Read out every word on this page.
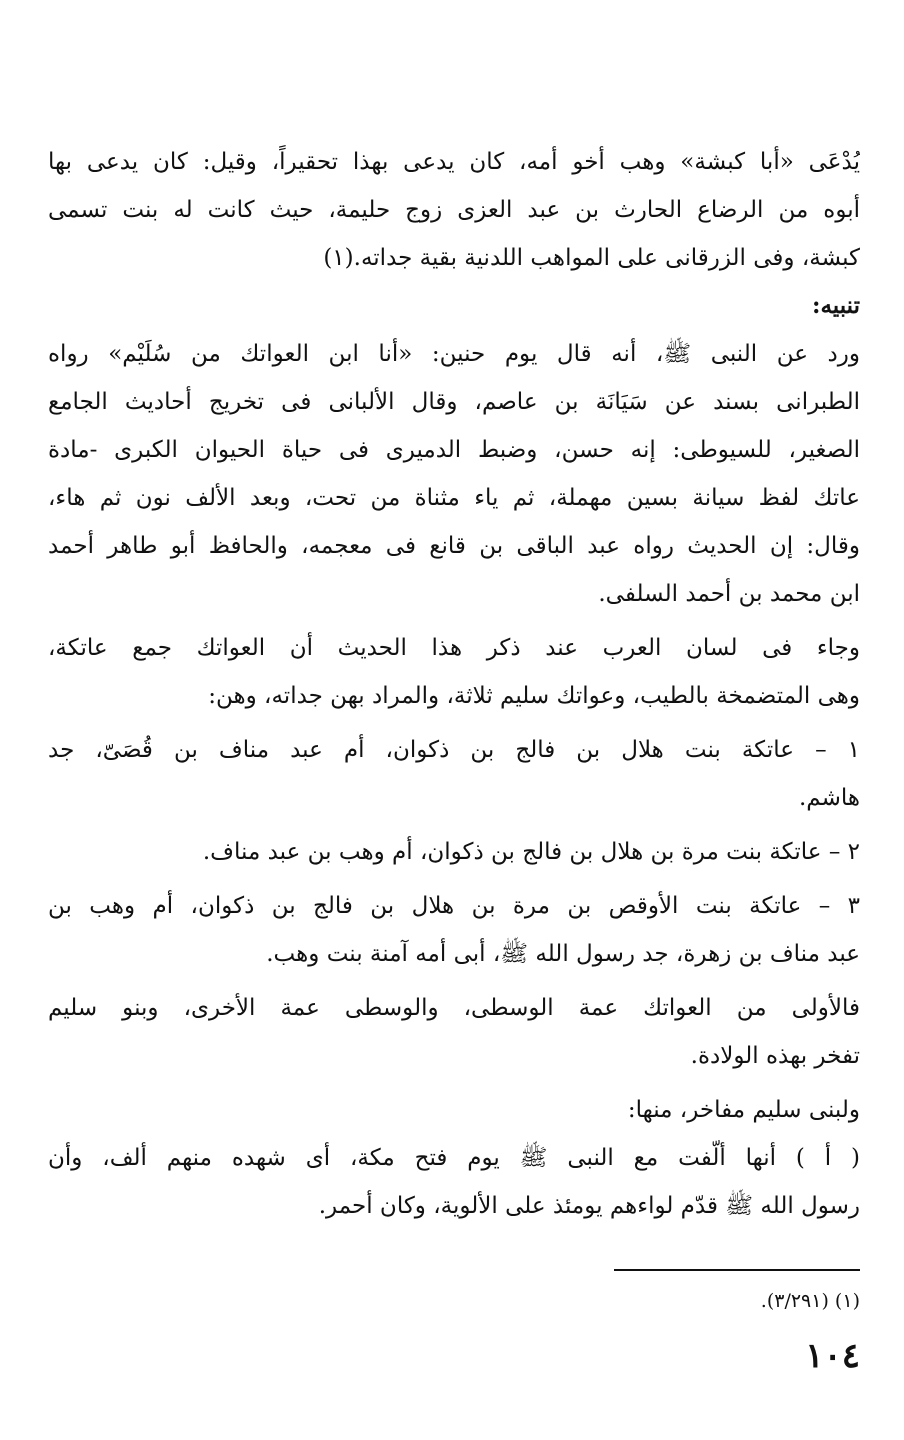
يُدْعَى «أبا كبشة» وهب أخو أمه، كان يدعى بهذا تحقيراً، وقيل: كان يدعى بها
أبوه من الرضاع الحارث بن عبد العزى زوج حليمة، حيث كانت له بنت تسمى
كبشة، وفى الزرقانى على المواهب اللدنية بقية جداته.(١)
تنبيه:
ورد عن النبى ﷺ، أنه قال يوم حنين: «أنا ابن العواتك من سُلَيْم» رواه
الطبرانى بسند عن سَيَانَة بن عاصم، وقال الألبانى فى تخريج أحاديث الجامع
الصغير، للسيوطى: إنه حسن، وضبط الدميرى فى حياة الحيوان الكبرى -مادة
عاتك لفظ سيانة بسين مهملة، ثم ياء مثناة من تحت، وبعد الألف نون ثم هاء،
وقال: إن الحديث رواه عبد الباقى بن قانع فى معجمه، والحافظ أبو طاهر أحمد
ابن محمد بن أحمد السلفى.
وجاء فى لسان العرب عند ذكر هذا الحديث أن العواتك جمع عاتكة،
وهى المتضمخة بالطيب، وعواتك سليم ثلاثة، والمراد بهن جداته، وهن:
١ – عاتكة بنت هلال بن فالج بن ذكوان، أم عبد مناف بن قُصَىّ، جد
هاشم.
٢ – عاتكة بنت مرة بن هلال بن فالج بن ذكوان، أم وهب بن عبد مناف.
٣ – عاتكة بنت الأوقص بن مرة بن هلال بن فالج بن ذكوان، أم وهب بن
عبد مناف بن زهرة، جد رسول الله ﷺ، أبى أمه آمنة بنت وهب.
فالأولى من العواتك عمة الوسطى، والوسطى عمة الأخرى، وبنو سليم
تفخر بهذه الولادة.
ولبنى سليم مفاخر، منها:
( أ ) أنها ألّفت مع النبى ﷺ يوم فتح مكة، أى شهده منهم ألف، وأن
رسول الله ﷺ قدّم لواءهم يومئذ على الألوية، وكان أحمر.
(١) (٣/٢٩١).
١٠٤
